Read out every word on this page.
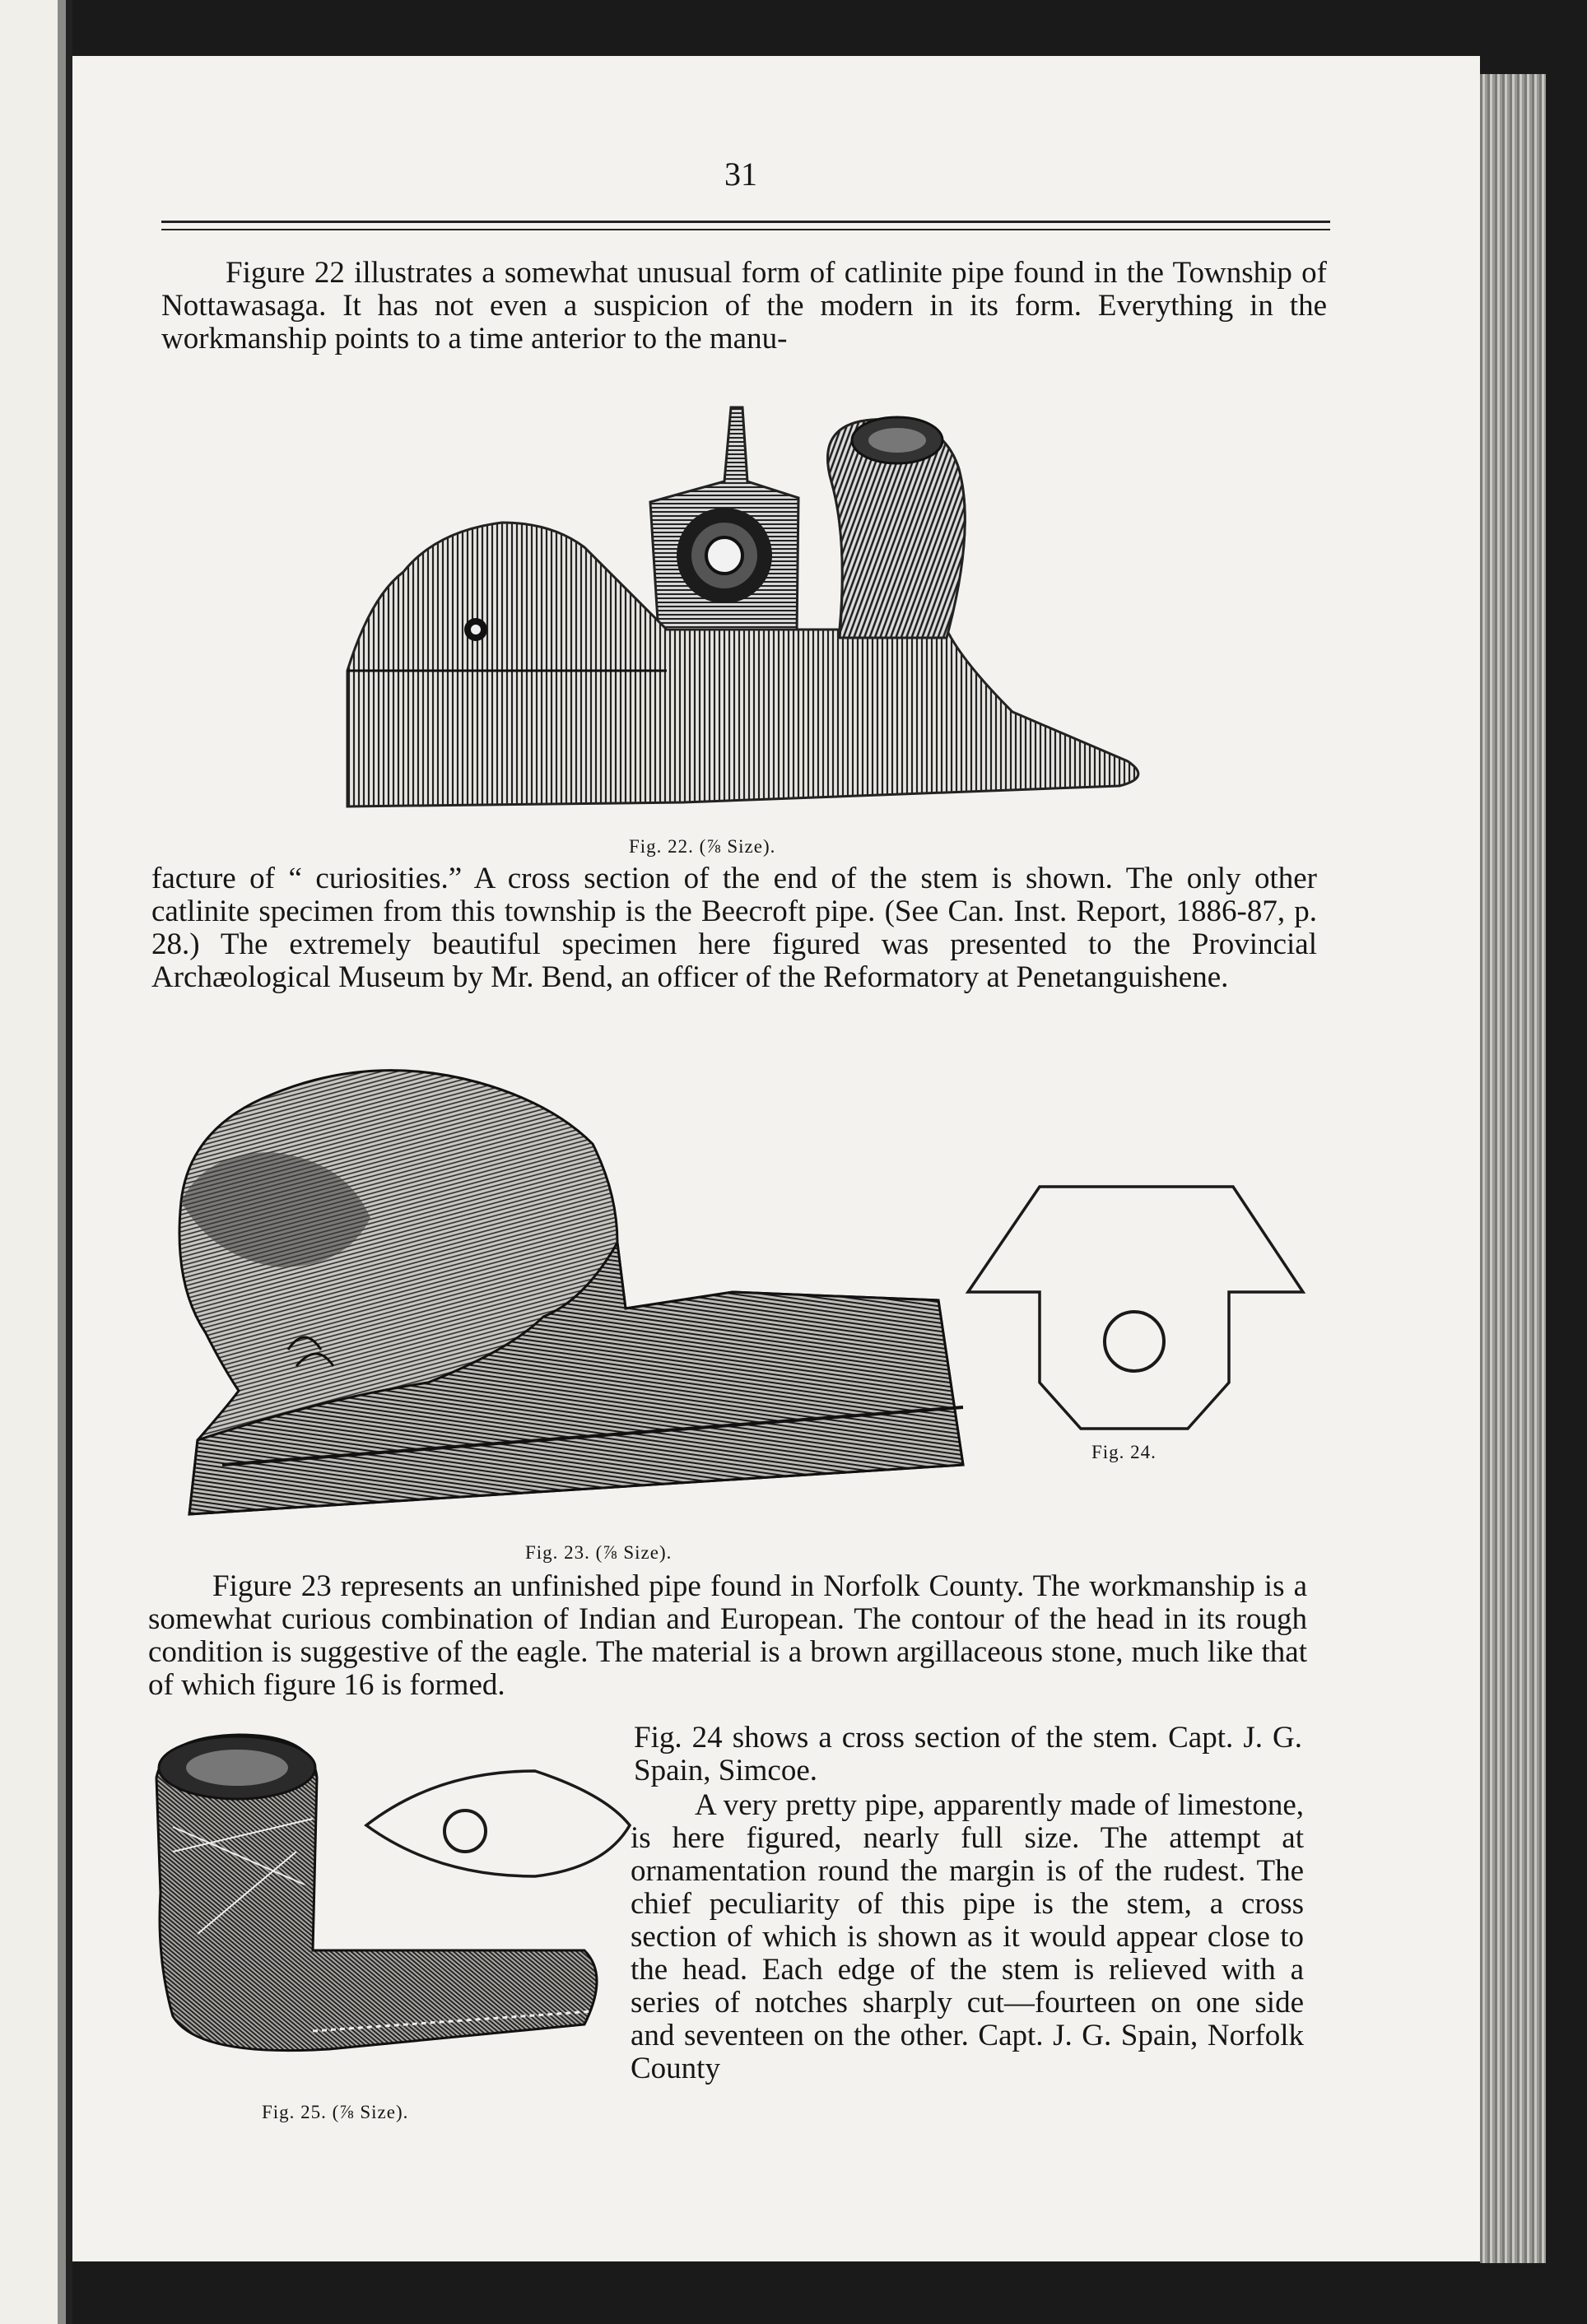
31

Figure 22 illustrates a somewhat unusual form of catlinite pipe found in the Township of Nottawasaga. It has not even a suspicion of the modern in its form. Everything in the workmanship points to a time anterior to the manu-

Fig. 22. (⅞ Size).

facture of “ curiosities.” A cross section of the end of the stem is shown. The only other catlinite specimen from this township is the Beecroft pipe. (See Can. Inst. Report, 1886-87, p. 28.) The extremely beautiful specimen here figured was presented to the Provincial Archæological Museum by Mr. Bend, an officer of the Reformatory at Penetanguishene.

Fig. 23. (⅞ Size).
Fig. 24.

Figure 23 represents an unfinished pipe found in Norfolk County. The workmanship is a somewhat curious combination of Indian and European. The contour of the head in its rough condition is suggestive of the eagle. The material is a brown argillaceous stone, much like that of which figure 16 is formed.

Fig. 24 shows a cross section of the stem. Capt. J. G. Spain, Simcoe.

Fig. 25. (⅞ Size).

A very pretty pipe, apparently made of limestone, is here figured, nearly full size. The attempt at ornamentation round the margin is of the rudest. The chief peculiarity of this pipe is the stem, a cross section of which is shown as it would appear close to the head. Each edge of the stem is relieved with a series of notches sharply cut—fourteen on one side and seventeen on the other. Capt. J. G. Spain, Norfolk County
